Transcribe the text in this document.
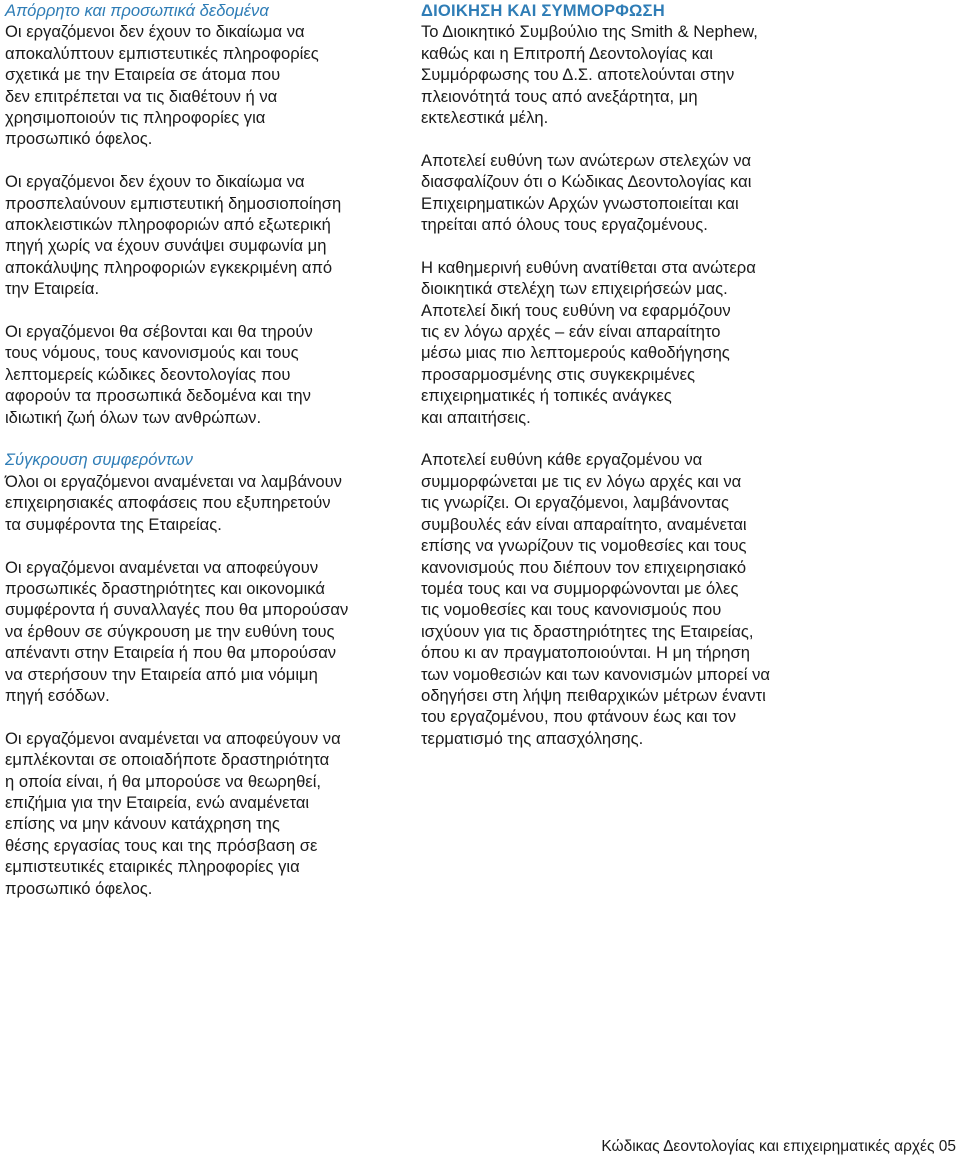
Απόρρητο και προσωπικά δεδομένα

Οι εργαζόμενοι δεν έχουν το δικαίωμα να
αποκαλύπτουν εμπιστευτικές πληροφορίες
σχετικά με την Εταιρεία σε άτομα που
δεν επιτρέπεται να τις διαθέτουν ή να
χρησιμοποιούν τις πληροφορίες για
προσωπικό όφελος.

Οι εργαζόμενοι δεν έχουν το δικαίωμα να
προσπελαύνουν εμπιστευτική δημοσιοποίηση
αποκλειστικών πληροφοριών από εξωτερική
πηγή χωρίς να έχουν συνάψει συμφωνία μη
αποκάλυψης πληροφοριών εγκεκριμένη από
την Εταιρεία.

Οι εργαζόμενοι θα σέβονται και θα τηρούν
τους νόμους, τους κανονισμούς και τους
λεπτομερείς κώδικες δεοντολογίας που
αφορούν τα προσωπικά δεδομένα και την
ιδιωτική ζωή όλων των ανθρώπων.

Σύγκρουση συμφερόντων

Όλοι οι εργαζόμενοι αναμένεται να λαμβάνουν
επιχειρησιακές αποφάσεις που εξυπηρετούν
τα συμφέροντα της Εταιρείας.

Οι εργαζόμενοι αναμένεται να αποφεύγουν
προσωπικές δραστηριότητες και οικονομικά
συμφέροντα ή συναλλαγές που θα μπορούσαν
να έρθουν σε σύγκρουση με την ευθύνη τους
απέναντι στην Εταιρεία ή που θα μπορούσαν
να στερήσουν την Εταιρεία από μια νόμιμη
πηγή εσόδων.

Οι εργαζόμενοι αναμένεται να αποφεύγουν να
εμπλέκονται σε οποιαδήποτε δραστηριότητα
η οποία είναι, ή θα μπορούσε να θεωρηθεί,
επιζήμια για την Εταιρεία, ενώ αναμένεται
επίσης να μην κάνουν κατάχρηση της
θέσης εργασίας τους και της πρόσβαση σε
εμπιστευτικές εταιρικές πληροφορίες για
προσωπικό όφελος.

ΔΙΟΙΚΗΣΗ ΚΑΙ ΣΥΜΜΟΡΦΩΣΗ

Το Διοικητικό Συμβούλιο της Smith & Nephew,
καθώς και η Επιτροπή Δεοντολογίας και
Συμμόρφωσης του Δ.Σ. αποτελούνται στην
πλειονότητά τους από ανεξάρτητα, μη
εκτελεστικά μέλη.

Αποτελεί ευθύνη των ανώτερων στελεχών να
διασφαλίζουν ότι ο Κώδικας Δεοντολογίας και
Επιχειρηματικών Αρχών γνωστοποιείται και
τηρείται από όλους τους εργαζομένους.

Η καθημερινή ευθύνη ανατίθεται στα ανώτερα
διοικητικά στελέχη των επιχειρήσεών μας.
Αποτελεί δική τους ευθύνη να εφαρμόζουν
τις εν λόγω αρχές – εάν είναι απαραίτητο
μέσω μιας πιο λεπτομερούς καθοδήγησης
προσαρμοσμένης στις συγκεκριμένες
επιχειρηματικές ή τοπικές ανάγκες
και απαιτήσεις.

Αποτελεί ευθύνη κάθε εργαζομένου να
συμμορφώνεται με τις εν λόγω αρχές και να
τις γνωρίζει. Οι εργαζόμενοι, λαμβάνοντας
συμβουλές εάν είναι απαραίτητο, αναμένεται
επίσης να γνωρίζουν τις νομοθεσίες και τους
κανονισμούς που διέπουν τον επιχειρησιακό
τομέα τους και να συμμορφώνονται με όλες
τις νομοθεσίες και τους κανονισμούς που
ισχύουν για τις δραστηριότητες της Εταιρείας,
όπου κι αν πραγματοποιούνται. Η μη τήρηση
των νομοθεσιών και των κανονισμών μπορεί να
οδηγήσει στη λήψη πειθαρχικών μέτρων έναντι
του εργαζομένου, που φτάνουν έως και τον
τερματισμό της απασχόλησης.

Κώδικας Δεοντολογίας και επιχειρηματικές αρχές 05
